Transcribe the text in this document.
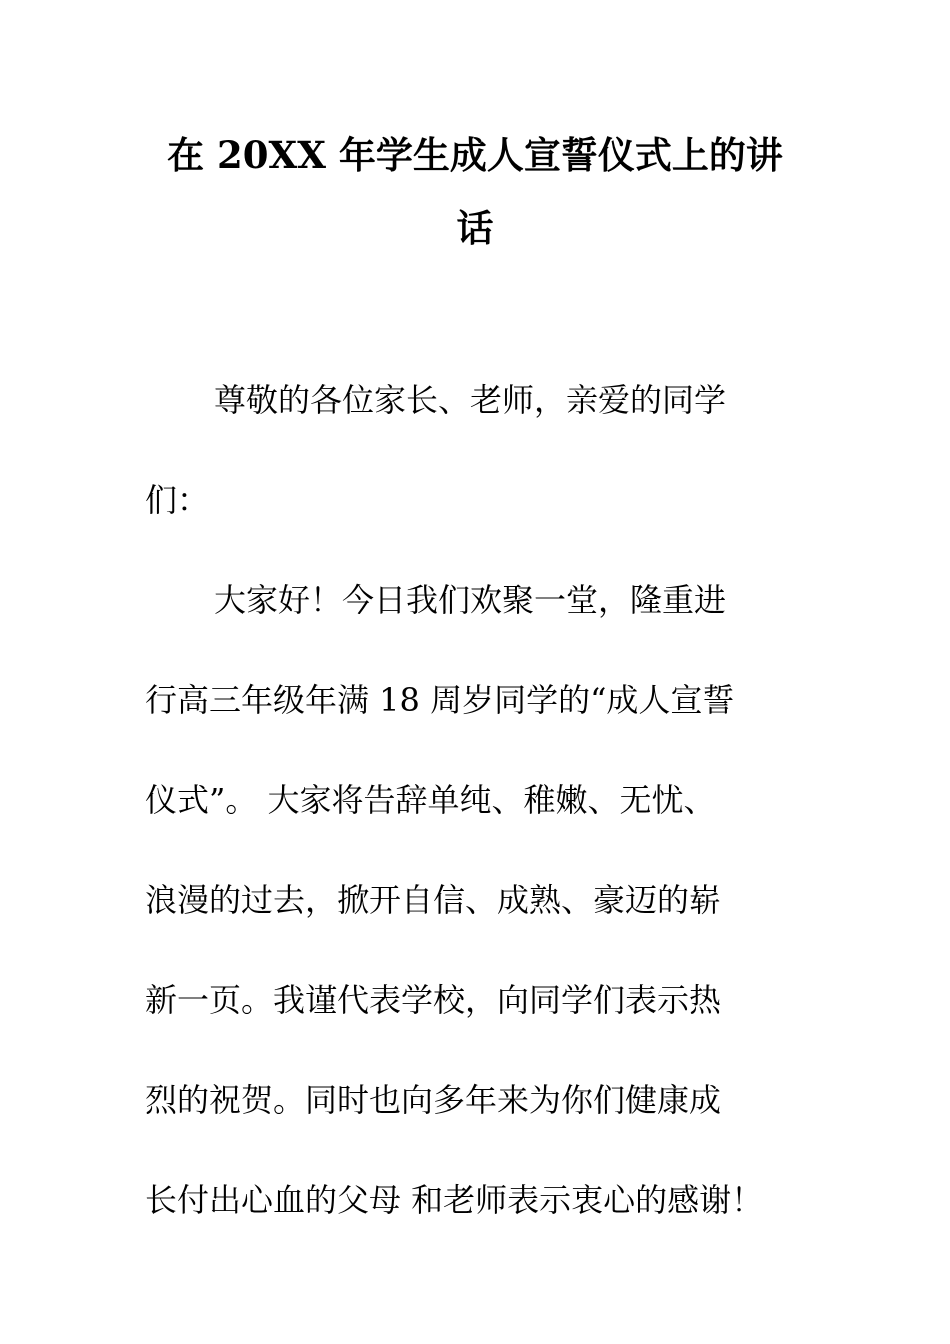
在 20XX 年学生成人宣誓仪式上的讲
话

尊敬的各位家长、老师，亲爱的同学

们：

大家好！今日我们欢聚一堂，隆重进

行高三年级年满 18 周岁同学的“成人宣誓

仪式”。 大家将告辞单纯、稚嫩、无忧、

浪漫的过去，掀开自信、成熟、豪迈的崭

新一页。我谨代表学校，向同学们表示热

烈的祝贺。同时也向多年来为你们健康成

长付出心血的父母 和老师表示衷心的感谢！
